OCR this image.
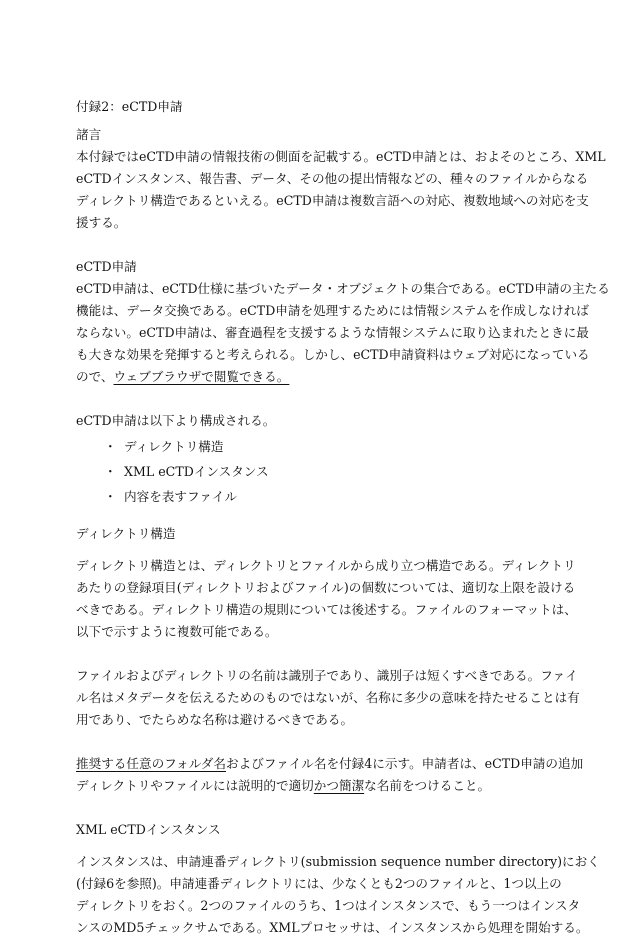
付録2：eCTD申請
諸言
本付録ではeCTD申請の情報技術の側面を記載する。eCTD申請とは、およそのところ、XML
eCTDインスタンス、報告書、データ、その他の提出情報などの、種々のファイルからなる
ディレクトリ構造であるといえる。eCTD申請は複数言語への対応、複数地域への対応を支
援する。
eCTD申請
eCTD申請は、eCTD仕様に基づいたデータ・オブジェクトの集合である。eCTD申請の主たる
機能は、データ交換である。eCTD申請を処理するためには情報システムを作成しなければ
ならない。eCTD申請は、審査過程を支援するような情報システムに取り込まれたときに最
も大きな効果を発揮すると考えられる。しかし、eCTD申請資料はウェブ対応になっている
ので、ウェブブラウザで閲覧できる。
eCTD申請は以下より構成される。
・ ディレクトリ構造
・ XML eCTDインスタンス
・ 内容を表すファイル
ディレクトリ構造
ディレクトリ構造とは、ディレクトリとファイルから成り立つ構造である。ディレクトリ
あたりの登録項目(ディレクトリおよびファイル)の個数については、適切な上限を設ける
べきである。ディレクトリ構造の規則については後述する。ファイルのフォーマットは、
以下で示すように複数可能である。
ファイルおよびディレクトリの名前は識別子であり、識別子は短くすべきである。ファイ
ル名はメタデータを伝えるためのものではないが、名称に多少の意味を持たせることは有
用であり、でたらめな名称は避けるべきである。
推奨する任意のフォルダ名およびファイル名を付録4に示す。申請者は、eCTD申請の追加
ディレクトリやファイルには説明的で適切かつ簡潔な名前をつけること。
XML eCTDインスタンス
インスタンスは、申請連番ディレクトリ(submission sequence number directory)におく
(付録6を参照)。申請連番ディレクトリには、少なくとも2つのファイルと、1つ以上の
ディレクトリをおく。2つのファイルのうち、1つはインスタンスで、もう一つはインスタ
ンスのMD5チェックサムである。XMLプロセッサは、インスタンスから処理を開始する。
